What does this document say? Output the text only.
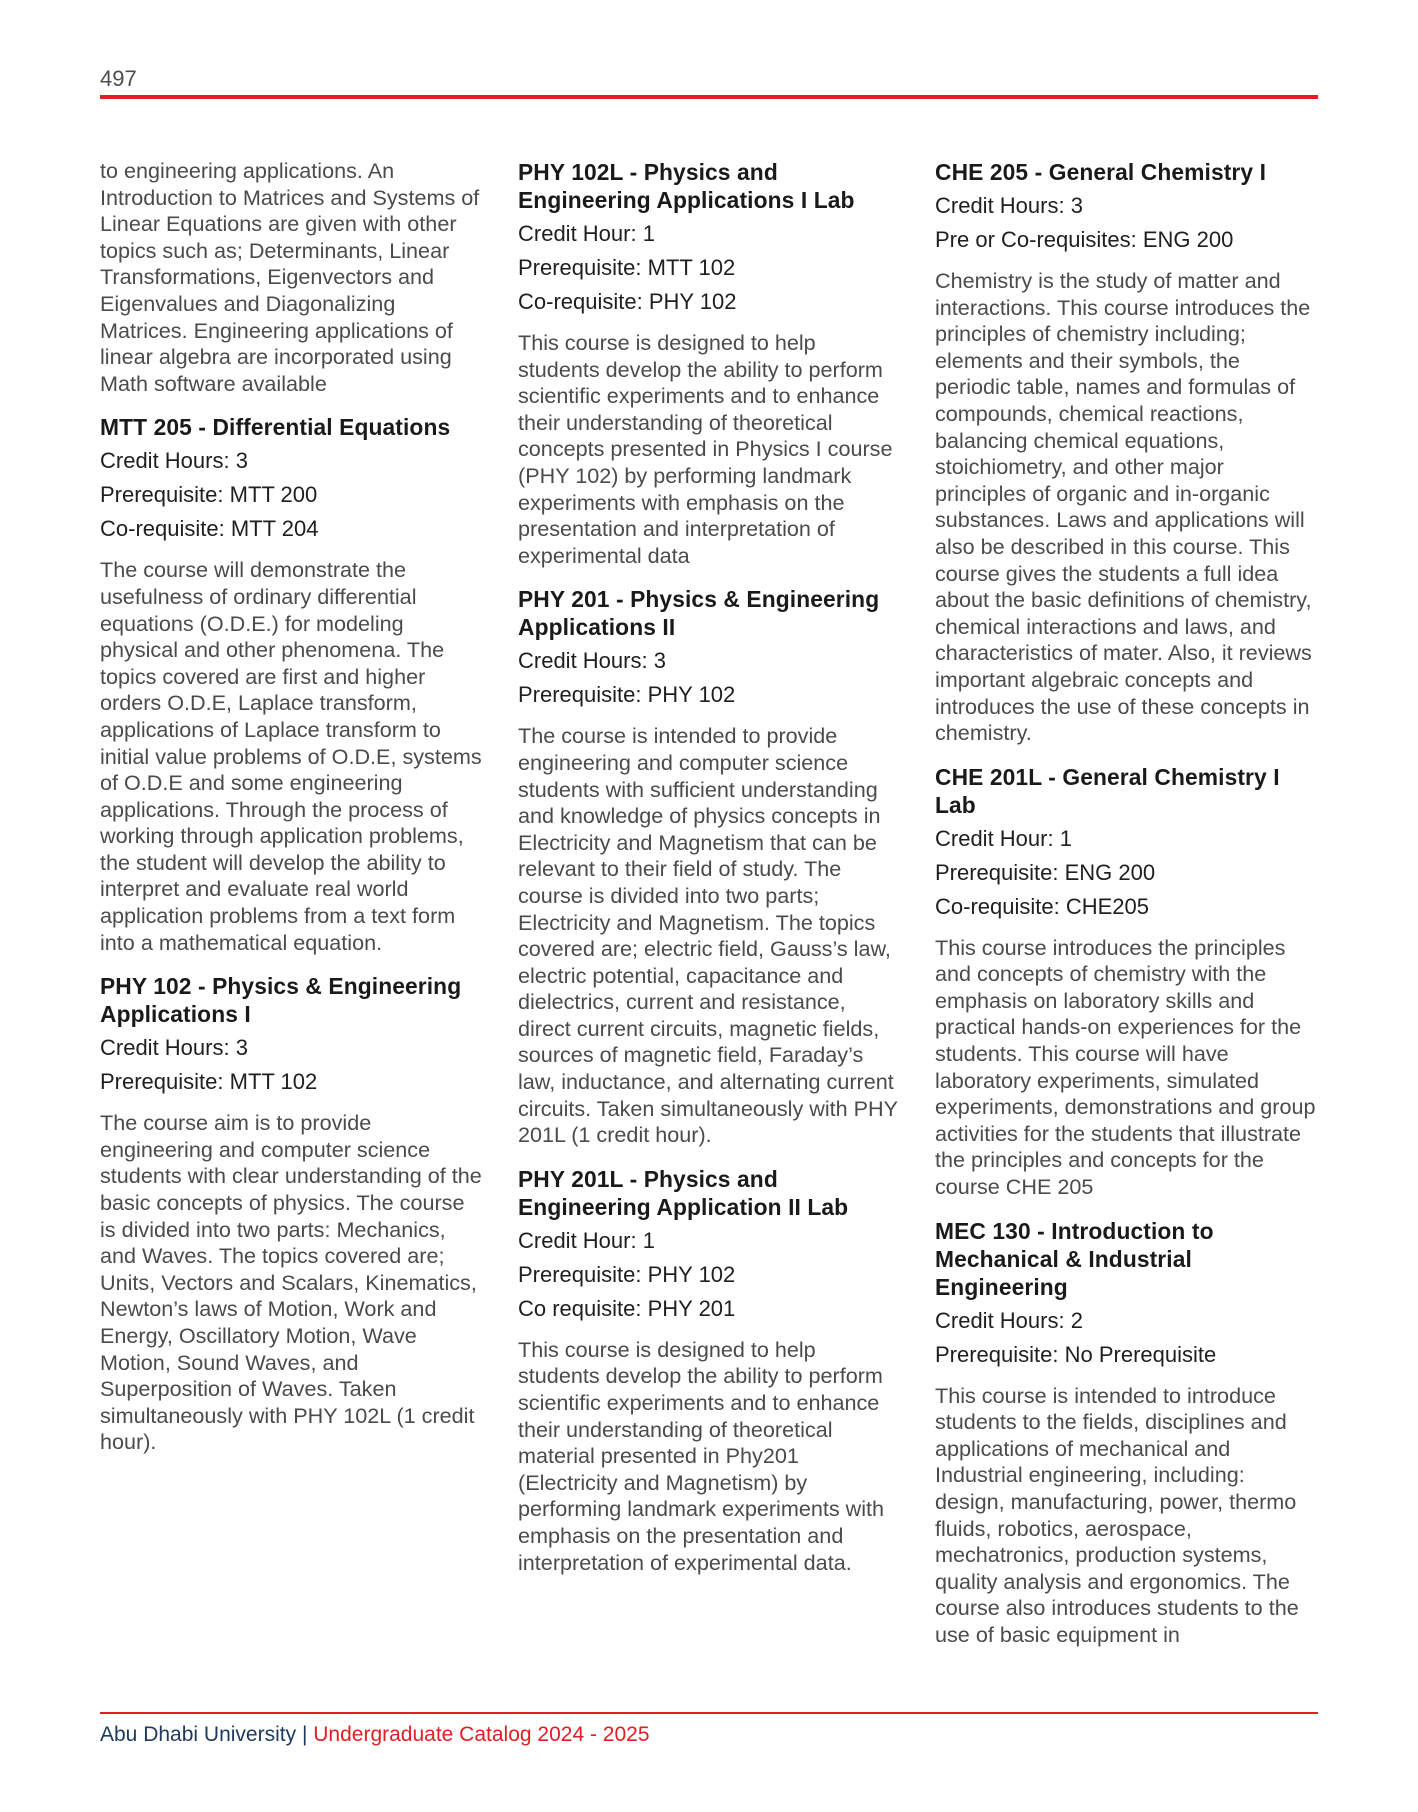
497

to engineering applications. An Introduction to Matrices and Systems of Linear Equations are given with other topics such as; Determinants, Linear Transformations, Eigenvectors and Eigenvalues and Diagonalizing Matrices. Engineering applications of linear algebra are incorporated using Math software available

MTT 205 - Differential Equations
Credit Hours: 3
Prerequisite: MTT 200
Co-requisite: MTT 204

The course will demonstrate the usefulness of ordinary differential equations (O.D.E.) for modeling physical and other phenomena. The topics covered are first and higher orders O.D.E, Laplace transform, applications of Laplace transform to initial value problems of O.D.E, systems of O.D.E and some engineering applications. Through the process of working through application problems, the student will develop the ability to interpret and evaluate real world application problems from a text form into a mathematical equation.

PHY 102 - Physics & Engineering Applications I
Credit Hours: 3
Prerequisite: MTT 102

The course aim is to provide engineering and computer science students with clear understanding of the basic concepts of physics. The course is divided into two parts: Mechanics, and Waves. The topics covered are; Units, Vectors and Scalars, Kinematics, Newton’s laws of Motion, Work and Energy, Oscillatory Motion, Wave Motion, Sound Waves, and Superposition of Waves. Taken simultaneously with PHY 102L (1 credit hour).

PHY 102L - Physics and Engineering Applications I Lab
Credit Hour: 1
Prerequisite: MTT 102
Co-requisite: PHY 102

This course is designed to help students develop the ability to perform scientific experiments and to enhance their understanding of theoretical concepts presented in Physics I course (PHY 102) by performing landmark experiments with emphasis on the presentation and interpretation of experimental data

PHY 201 - Physics & Engineering Applications II
Credit Hours: 3
Prerequisite: PHY 102

The course is intended to provide engineering and computer science students with sufficient understanding and knowledge of physics concepts in Electricity and Magnetism that can be relevant to their field of study. The course is divided into two parts; Electricity and Magnetism. The topics covered are; electric field, Gauss’s law, electric potential, capacitance and dielectrics, current and resistance, direct current circuits, magnetic fields, sources of magnetic field, Faraday’s law, inductance, and alternating current circuits. Taken simultaneously with PHY 201L (1 credit hour).

PHY 201L - Physics and Engineering Application II Lab
Credit Hour: 1
Prerequisite: PHY 102
Co requisite: PHY 201

This course is designed to help students develop the ability to perform scientific experiments and to enhance their understanding of theoretical material presented in Phy201 (Electricity and Magnetism) by performing landmark experiments with emphasis on the presentation and interpretation of experimental data.

CHE 205 - General Chemistry I
Credit Hours: 3
Pre or Co-requisites: ENG 200

Chemistry is the study of matter and interactions. This course introduces the principles of chemistry including; elements and their symbols, the periodic table, names and formulas of compounds, chemical reactions, balancing chemical equations, stoichiometry, and other major principles of organic and in-organic substances. Laws and applications will also be described in this course. This course gives the students a full idea about the basic definitions of chemistry, chemical interactions and laws, and characteristics of mater. Also, it reviews important algebraic concepts and introduces the use of these concepts in chemistry.

CHE 201L - General Chemistry I Lab
Credit Hour: 1
Prerequisite: ENG 200
Co-requisite: CHE205

This course introduces the principles and concepts of chemistry with the emphasis on laboratory skills and practical hands-on experiences for the students. This course will have laboratory experiments, simulated experiments, demonstrations and group activities for the students that illustrate the principles and concepts for the course CHE 205

MEC 130 - Introduction to Mechanical & Industrial Engineering
Credit Hours: 2
Prerequisite: No Prerequisite

This course is intended to introduce students to the fields, disciplines and applications of mechanical and Industrial engineering, including: design, manufacturing, power, thermo fluids, robotics, aerospace, mechatronics, production systems, quality analysis and ergonomics. The course also introduces students to the use of basic equipment in

Abu Dhabi University | Undergraduate Catalog 2024 - 2025
